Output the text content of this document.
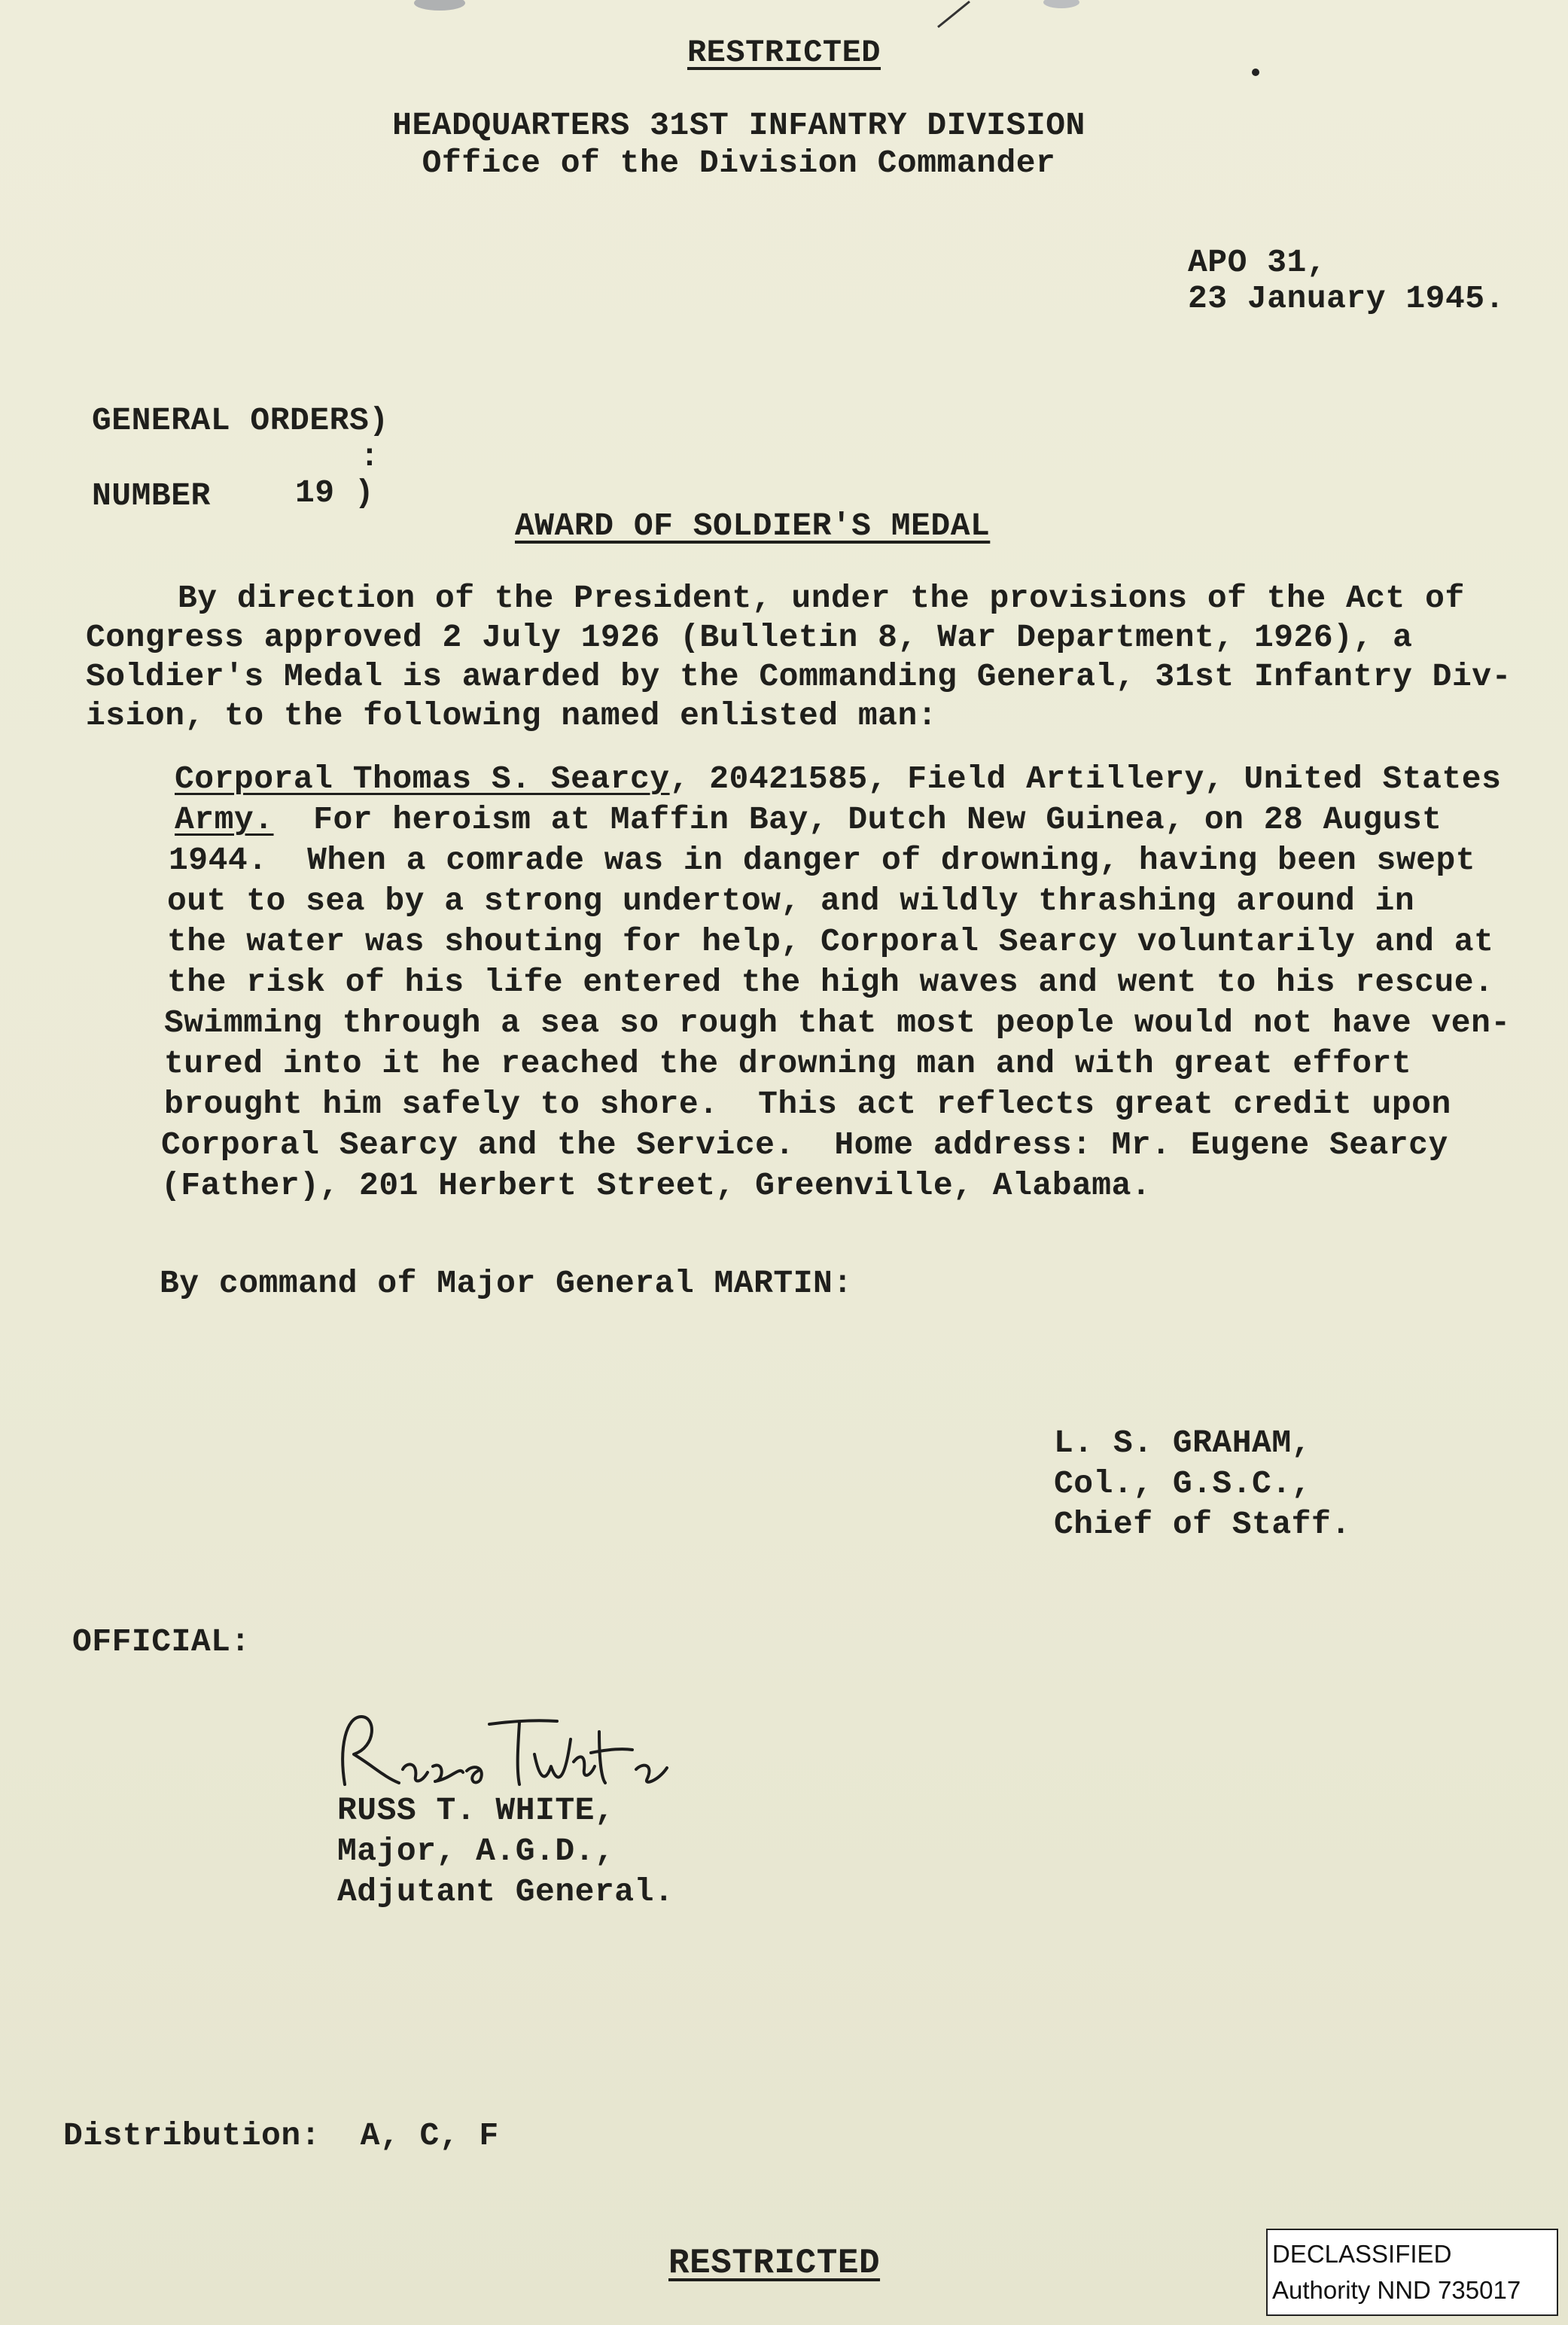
RESTRICTED
HEADQUARTERS 31ST INFANTRY DIVISION
Office of the Division Commander
APO 31,
23 January 1945.
GENERAL ORDERS)
:
NUMBER	19 )
AWARD OF SOLDIER'S MEDAL
By direction of the President, under the provisions of the Act of
Congress approved 2 July 1926 (Bulletin 8, War Department, 1926), a
Soldier's Medal is awarded by the Commanding General, 31st Infantry Div-
ision, to the following named enlisted man:
Corporal Thomas S. Searcy, 20421585, Field Artillery, United States
Army.  For heroism at Maffin Bay, Dutch New Guinea, on 28 August
1944.  When a comrade was in danger of drowning, having been swept
out to sea by a strong undertow, and wildly thrashing around in
the water was shouting for help, Corporal Searcy voluntarily and at
the risk of his life entered the high waves and went to his rescue.
Swimming through a sea so rough that most people would not have ven-
tured into it he reached the drowning man and with great effort
brought him safely to shore.  This act reflects great credit upon
Corporal Searcy and the Service.  Home address: Mr. Eugene Searcy
(Father), 201 Herbert Street, Greenville, Alabama.
By command of Major General MARTIN:
L. S. GRAHAM,
Col., G.S.C.,
Chief of Staff.
OFFICIAL:
RUSS T. WHITE,
Major, A.G.D.,
Adjutant General.
Distribution:  A, C, F
RESTRICTED	DECLASSIFIED
Authority NND 735017
